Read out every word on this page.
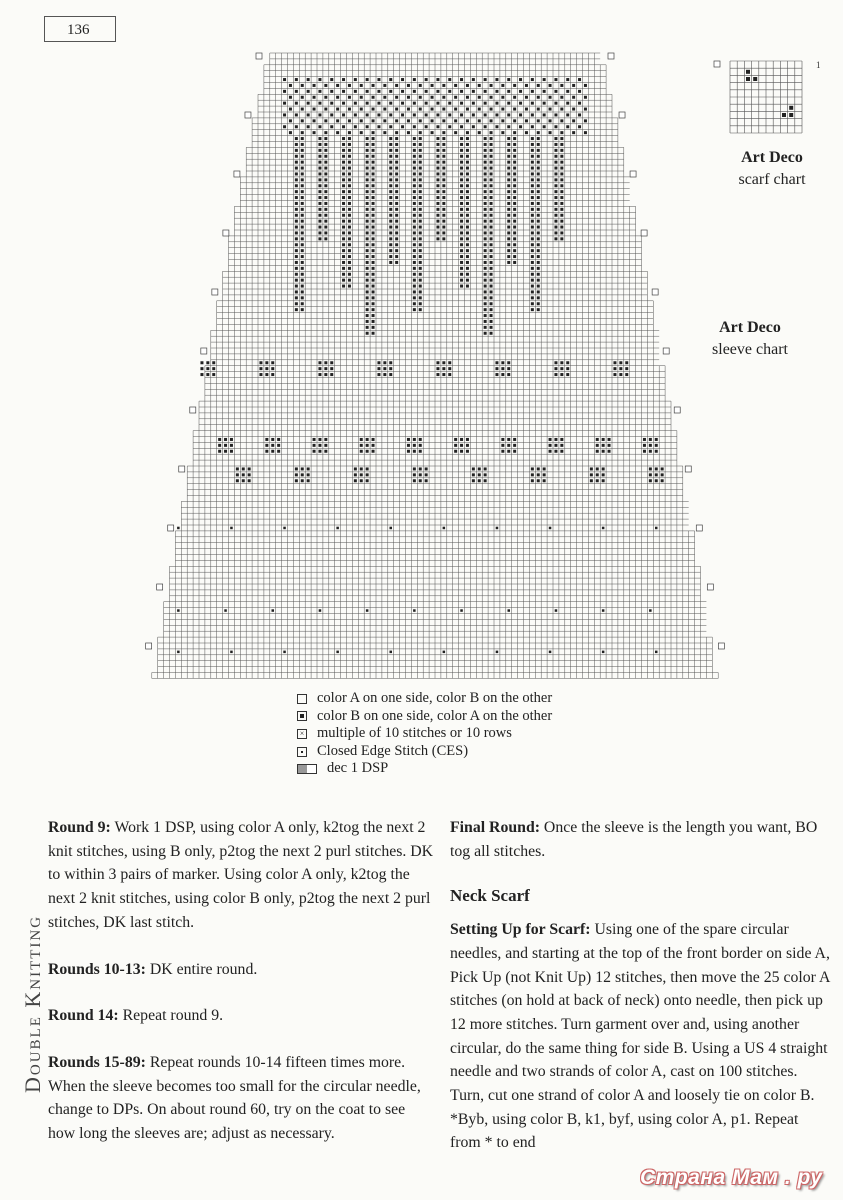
136
1
Art Deco
scarf chart
Art Deco
sleeve chart
color A on one side, color B on the other
color B on one side, color A on the other
× multiple of 10 stitches or 10 rows
Closed Edge Stitch (CES)
dec 1 DSP
Double Knitting

Round 9: Work 1 DSP, using color A only, k2tog the next 2 knit stitches, using B only, p2tog the next 2 purl stitches. DK to within 3 pairs of marker. Using color A only, k2tog the next 2 knit stitches, using color B only, p2tog the next 2 purl stitches, DK last stitch.

Rounds 10-13: DK entire round.

Round 14: Repeat round 9.

Rounds 15-89: Repeat rounds 10-14 fifteen times more. When the sleeve becomes too small for the circular needle, change to DPs. On about round 60, try on the coat to see how long the sleeves are; adjust as necessary.

Final Round: Once the sleeve is the length you want, BO tog all stitches.

Neck Scarf

Setting Up for Scarf: Using one of the spare circular needles, and starting at the top of the front border on side A, Pick Up (not Knit Up) 12 stitches, then move the 25 color A stitches (on hold at back of neck) onto needle, then pick up 12 more stitches. Turn garment over and, using another circular, do the same thing for side B. Using a US 4 straight needle and two strands of color A, cast on 100 stitches. Turn, cut one strand of color A and loosely tie on color B. *Byb, using color B, k1, byf, using color A, p1. Repeat from * to end

Страна Мам . ру
